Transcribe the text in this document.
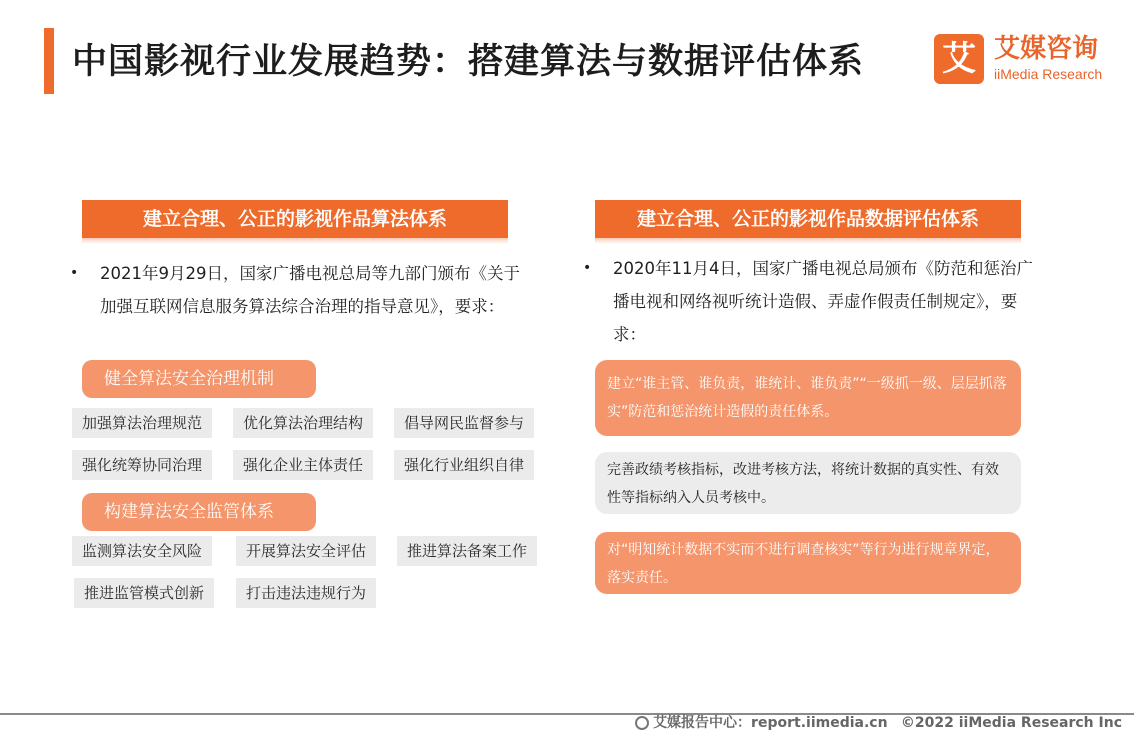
中国影视行业发展趋势：搭建算法与数据评估体系 艾 艾媒咨询
iiMedia Research
建立合理、公正的影视作品算法体系
• 2021年9月29日，国家广播电视总局等九部门颁布《关于加强互联网信息服务算法综合治理的指导意见》，要求：
健全算法安全治理机制
加强算法治理规范	优化算法治理结构	倡导网民监督参与
强化统筹协同治理	强化企业主体责任	强化行业组织自律
构建算法安全监管体系
监测算法安全风险	开展算法安全评估	推进算法备案工作
推进监管模式创新	打击违法违规行为
建立合理、公正的影视作品数据评估体系
• 2020年11月4日，国家广播电视总局颁布《防范和惩治广播电视和网络视听统计造假、弄虚作假责任制规定》，要求：
建立“谁主管、谁负责，谁统计、谁负责”“一级抓一级、层层抓落实”防范和惩治统计造假的责任体系。
完善政绩考核指标，改进考核方法，将统计数据的真实性、有效性等指标纳入人员考核中。
对“明知统计数据不实而不进行调查核实”等行为进行规章界定，落实责任。
艾媒报告中心：report.iimedia.cn ©2022 iiMedia Research Inc
